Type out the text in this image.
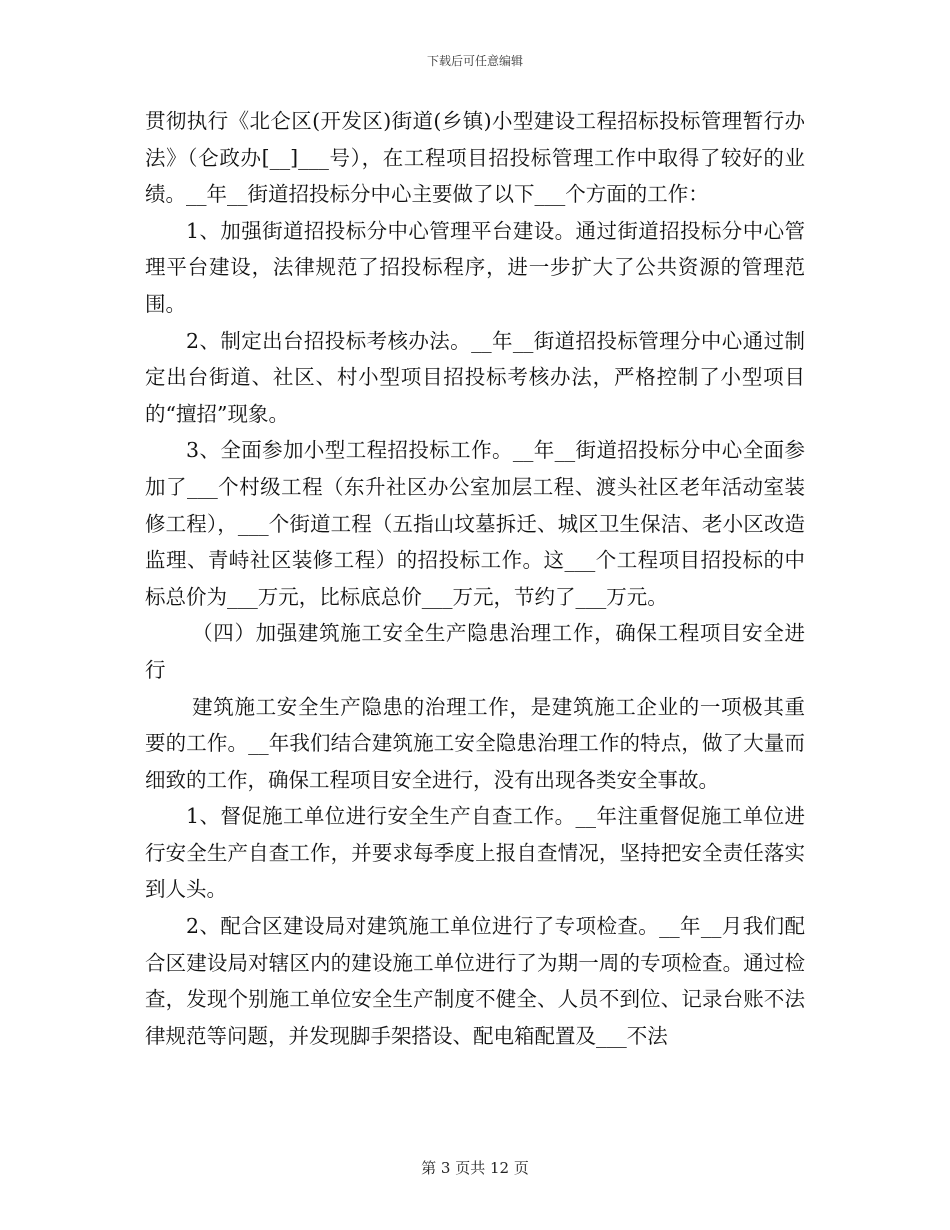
下载后可任意编辑

贯彻执行《北仑区(开发区)街道(乡镇)小型建设工程招标投标管理暂行办法》（仑政办[__]___号），在工程项目招投标管理工作中取得了较好的业绩。__年__街道招投标分中心主要做了以下___个方面的工作：

1、加强街道招投标分中心管理平台建设。通过街道招投标分中心管理平台建设，法律规范了招投标程序，进一步扩大了公共资源的管理范围。

2、制定出台招投标考核办法。__年__街道招投标管理分中心通过制定出台街道、社区、村小型项目招投标考核办法，严格控制了小型项目的“擅招”现象。

3、全面参加小型工程招投标工作。__年__街道招投标分中心全面参加了___个村级工程（东升社区办公室加层工程、渡头社区老年活动室装修工程），___个街道工程（五指山坟墓拆迁、城区卫生保洁、老小区改造监理、青峙社区装修工程）的招投标工作。这___个工程项目招投标的中标总价为___万元，比标底总价___万元，节约了___万元。

（四）加强建筑施工安全生产隐患治理工作，确保工程项目安全进行

建筑施工安全生产隐患的治理工作，是建筑施工企业的一项极其重要的工作。__年我们结合建筑施工安全隐患治理工作的特点，做了大量而细致的工作，确保工程项目安全进行，没有出现各类安全事故。

1、督促施工单位进行安全生产自查工作。__年注重督促施工单位进行安全生产自查工作，并要求每季度上报自查情况，坚持把安全责任落实到人头。

2、配合区建设局对建筑施工单位进行了专项检查。__年__月我们配合区建设局对辖区内的建设施工单位进行了为期一周的专项检查。通过检查，发现个别施工单位安全生产制度不健全、人员不到位、记录台账不法律规范等问题，并发现脚手架搭设、配电箱配置及___不法

第 3 页共 12 页
